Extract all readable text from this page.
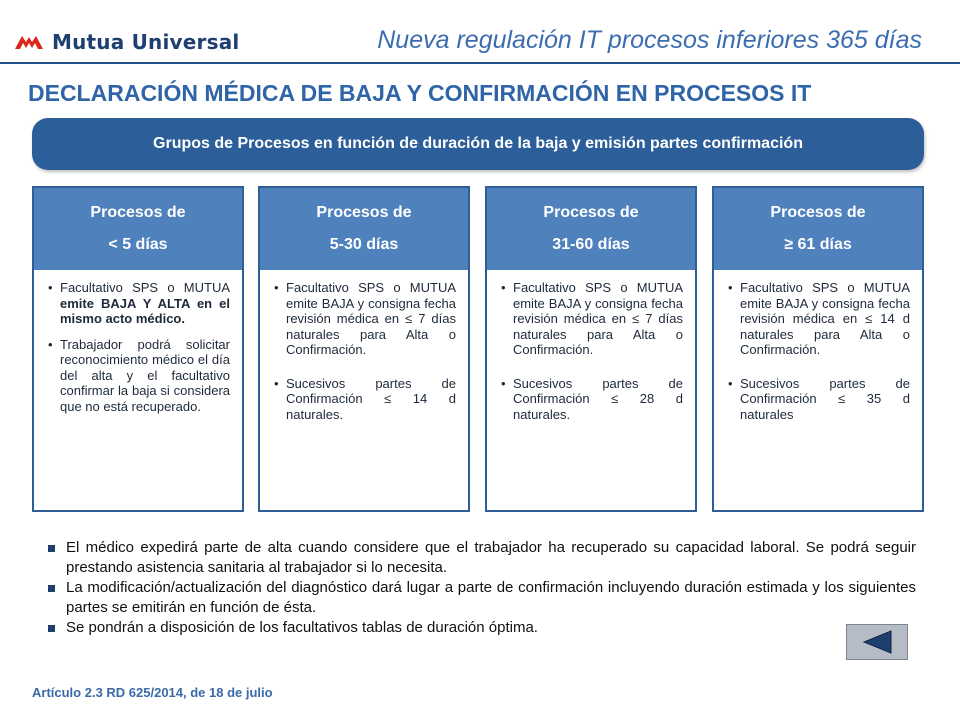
Mutua Universal	Nueva regulación IT procesos inferiores 365 días
DECLARACIÓN MÉDICA DE BAJA Y CONFIRMACIÓN EN PROCESOS IT
Grupos de Procesos en función de duración de la baja y emisión partes confirmación
Procesos de
< 5 días
• Facultativo SPS o MUTUA emite BAJA Y ALTA en el mismo acto médico.
• Trabajador podrá solicitar reconocimiento médico el día del alta y el facultativo confirmar la baja si considera que no está recuperado.
Procesos de
5-30 días
• Facultativo SPS o MUTUA emite BAJA y consigna fecha revisión médica en ≤ 7 días naturales para Alta o Confirmación.
• Sucesivos partes de Confirmación ≤ 14 d naturales.
Procesos de
31-60 días
• Facultativo SPS o MUTUA emite BAJA y consigna fecha revisión médica en ≤ 7 días naturales para Alta o Confirmación.
• Sucesivos partes de Confirmación ≤ 28 d naturales.
Procesos de
≥ 61 días
• Facultativo SPS o MUTUA emite BAJA y consigna fecha revisión médica en ≤ 14 d naturales para Alta o Confirmación.
• Sucesivos partes de Confirmación ≤ 35 d naturales
El médico expedirá parte de alta cuando considere que el trabajador ha recuperado su capacidad laboral. Se podrá seguir prestando asistencia sanitaria al trabajador si lo necesita.
La modificación/actualización del diagnóstico dará lugar a parte de confirmación incluyendo duración estimada y los siguientes partes se emitirán en función de ésta.
Se pondrán a disposición de los facultativos tablas de duración óptima.
Artículo 2.3 RD 625/2014, de 18 de julio
